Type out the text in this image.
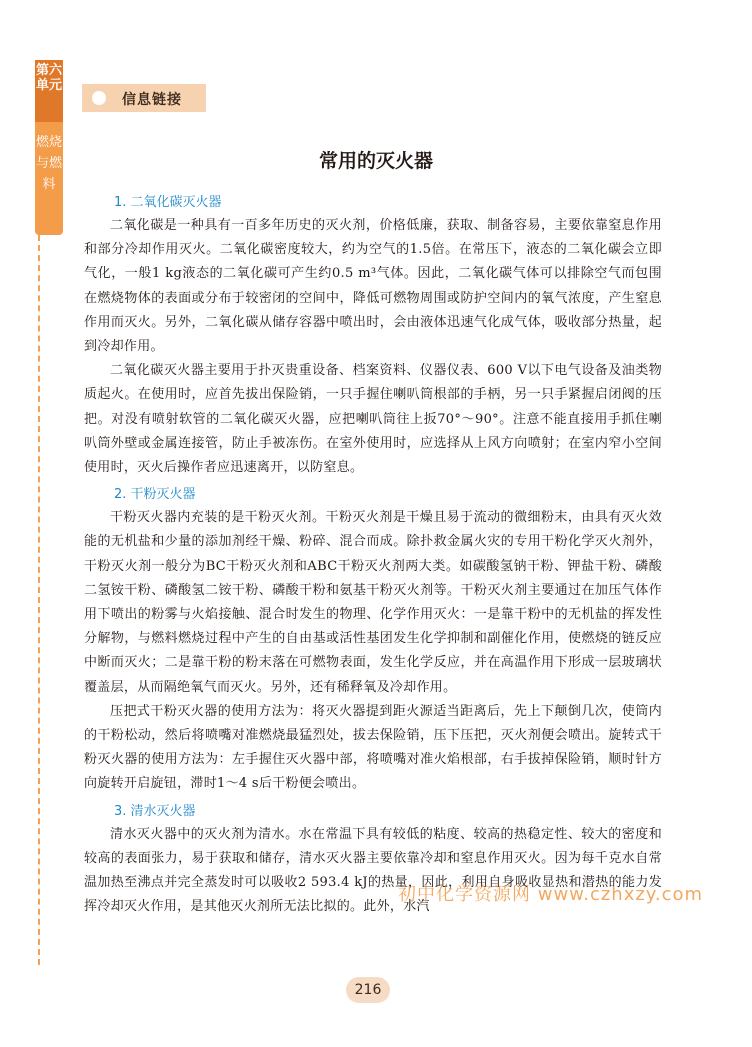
第六单元
燃烧与燃料
信息链接
常用的灭火器

1. 二氧化碳灭火器

二氧化碳是一种具有一百多年历史的灭火剂，价格低廉，获取、制备容易，主要依靠窒息作用和部分冷却作用灭火。二氧化碳密度较大，约为空气的1.5倍。在常压下，液态的二氧化碳会立即气化，一般1 kg液态的二氧化碳可产生约0.5 m³气体。因此，二氧化碳气体可以排除空气而包围在燃烧物体的表面或分布于较密闭的空间中，降低可燃物周围或防护空间内的氧气浓度，产生窒息作用而灭火。另外，二氧化碳从储存容器中喷出时，会由液体迅速气化成气体，吸收部分热量，起到冷却作用。

二氧化碳灭火器主要用于扑灭贵重设备、档案资料、仪器仪表、600 V以下电气设备及油类物质起火。在使用时，应首先拔出保险销，一只手握住喇叭筒根部的手柄，另一只手紧握启闭阀的压把。对没有喷射软管的二氧化碳灭火器，应把喇叭筒往上扳70°～90°。注意不能直接用手抓住喇叭筒外壁或金属连接管，防止手被冻伤。在室外使用时，应选择从上风方向喷射；在室内窄小空间使用时，灭火后操作者应迅速离开，以防窒息。

2. 干粉灭火器

干粉灭火器内充装的是干粉灭火剂。干粉灭火剂是干燥且易于流动的微细粉末，由具有灭火效能的无机盐和少量的添加剂经干燥、粉碎、混合而成。除扑救金属火灾的专用干粉化学灭火剂外，干粉灭火剂一般分为BC干粉灭火剂和ABC干粉灭火剂两大类。如碳酸氢钠干粉、钾盐干粉、磷酸二氢铵干粉、磷酸氢二铵干粉、磷酸干粉和氨基干粉灭火剂等。干粉灭火剂主要通过在加压气体作用下喷出的粉雾与火焰接触、混合时发生的物理、化学作用灭火：一是靠干粉中的无机盐的挥发性分解物，与燃料燃烧过程中产生的自由基或活性基团发生化学抑制和副催化作用，使燃烧的链反应中断而灭火；二是靠干粉的粉末落在可燃物表面，发生化学反应，并在高温作用下形成一层玻璃状覆盖层，从而隔绝氧气而灭火。另外，还有稀释氧及冷却作用。

压把式干粉灭火器的使用方法为：将灭火器提到距火源适当距离后，先上下颠倒几次，使筒内的干粉松动，然后将喷嘴对准燃烧最猛烈处，拔去保险销，压下压把，灭火剂便会喷出。旋转式干粉灭火器的使用方法为：左手握住灭火器中部，将喷嘴对准火焰根部，右手拔掉保险销，顺时针方向旋转开启旋钮，滞时1～4 s后干粉便会喷出。

3. 清水灭火器

清水灭火器中的灭火剂为清水。水在常温下具有较低的粘度、较高的热稳定性、较大的密度和较高的表面张力，易于获取和储存，清水灭火器主要依靠冷却和窒息作用灭火。因为每千克水自常温加热至沸点并完全蒸发时可以吸收2 593.4 kJ的热量，因此，利用自身吸收显热和潜热的能力发挥冷却灭火作用，是其他灭火剂所无法比拟的。此外，水汽

初中化学资源网 www.czhxzy.com
216
